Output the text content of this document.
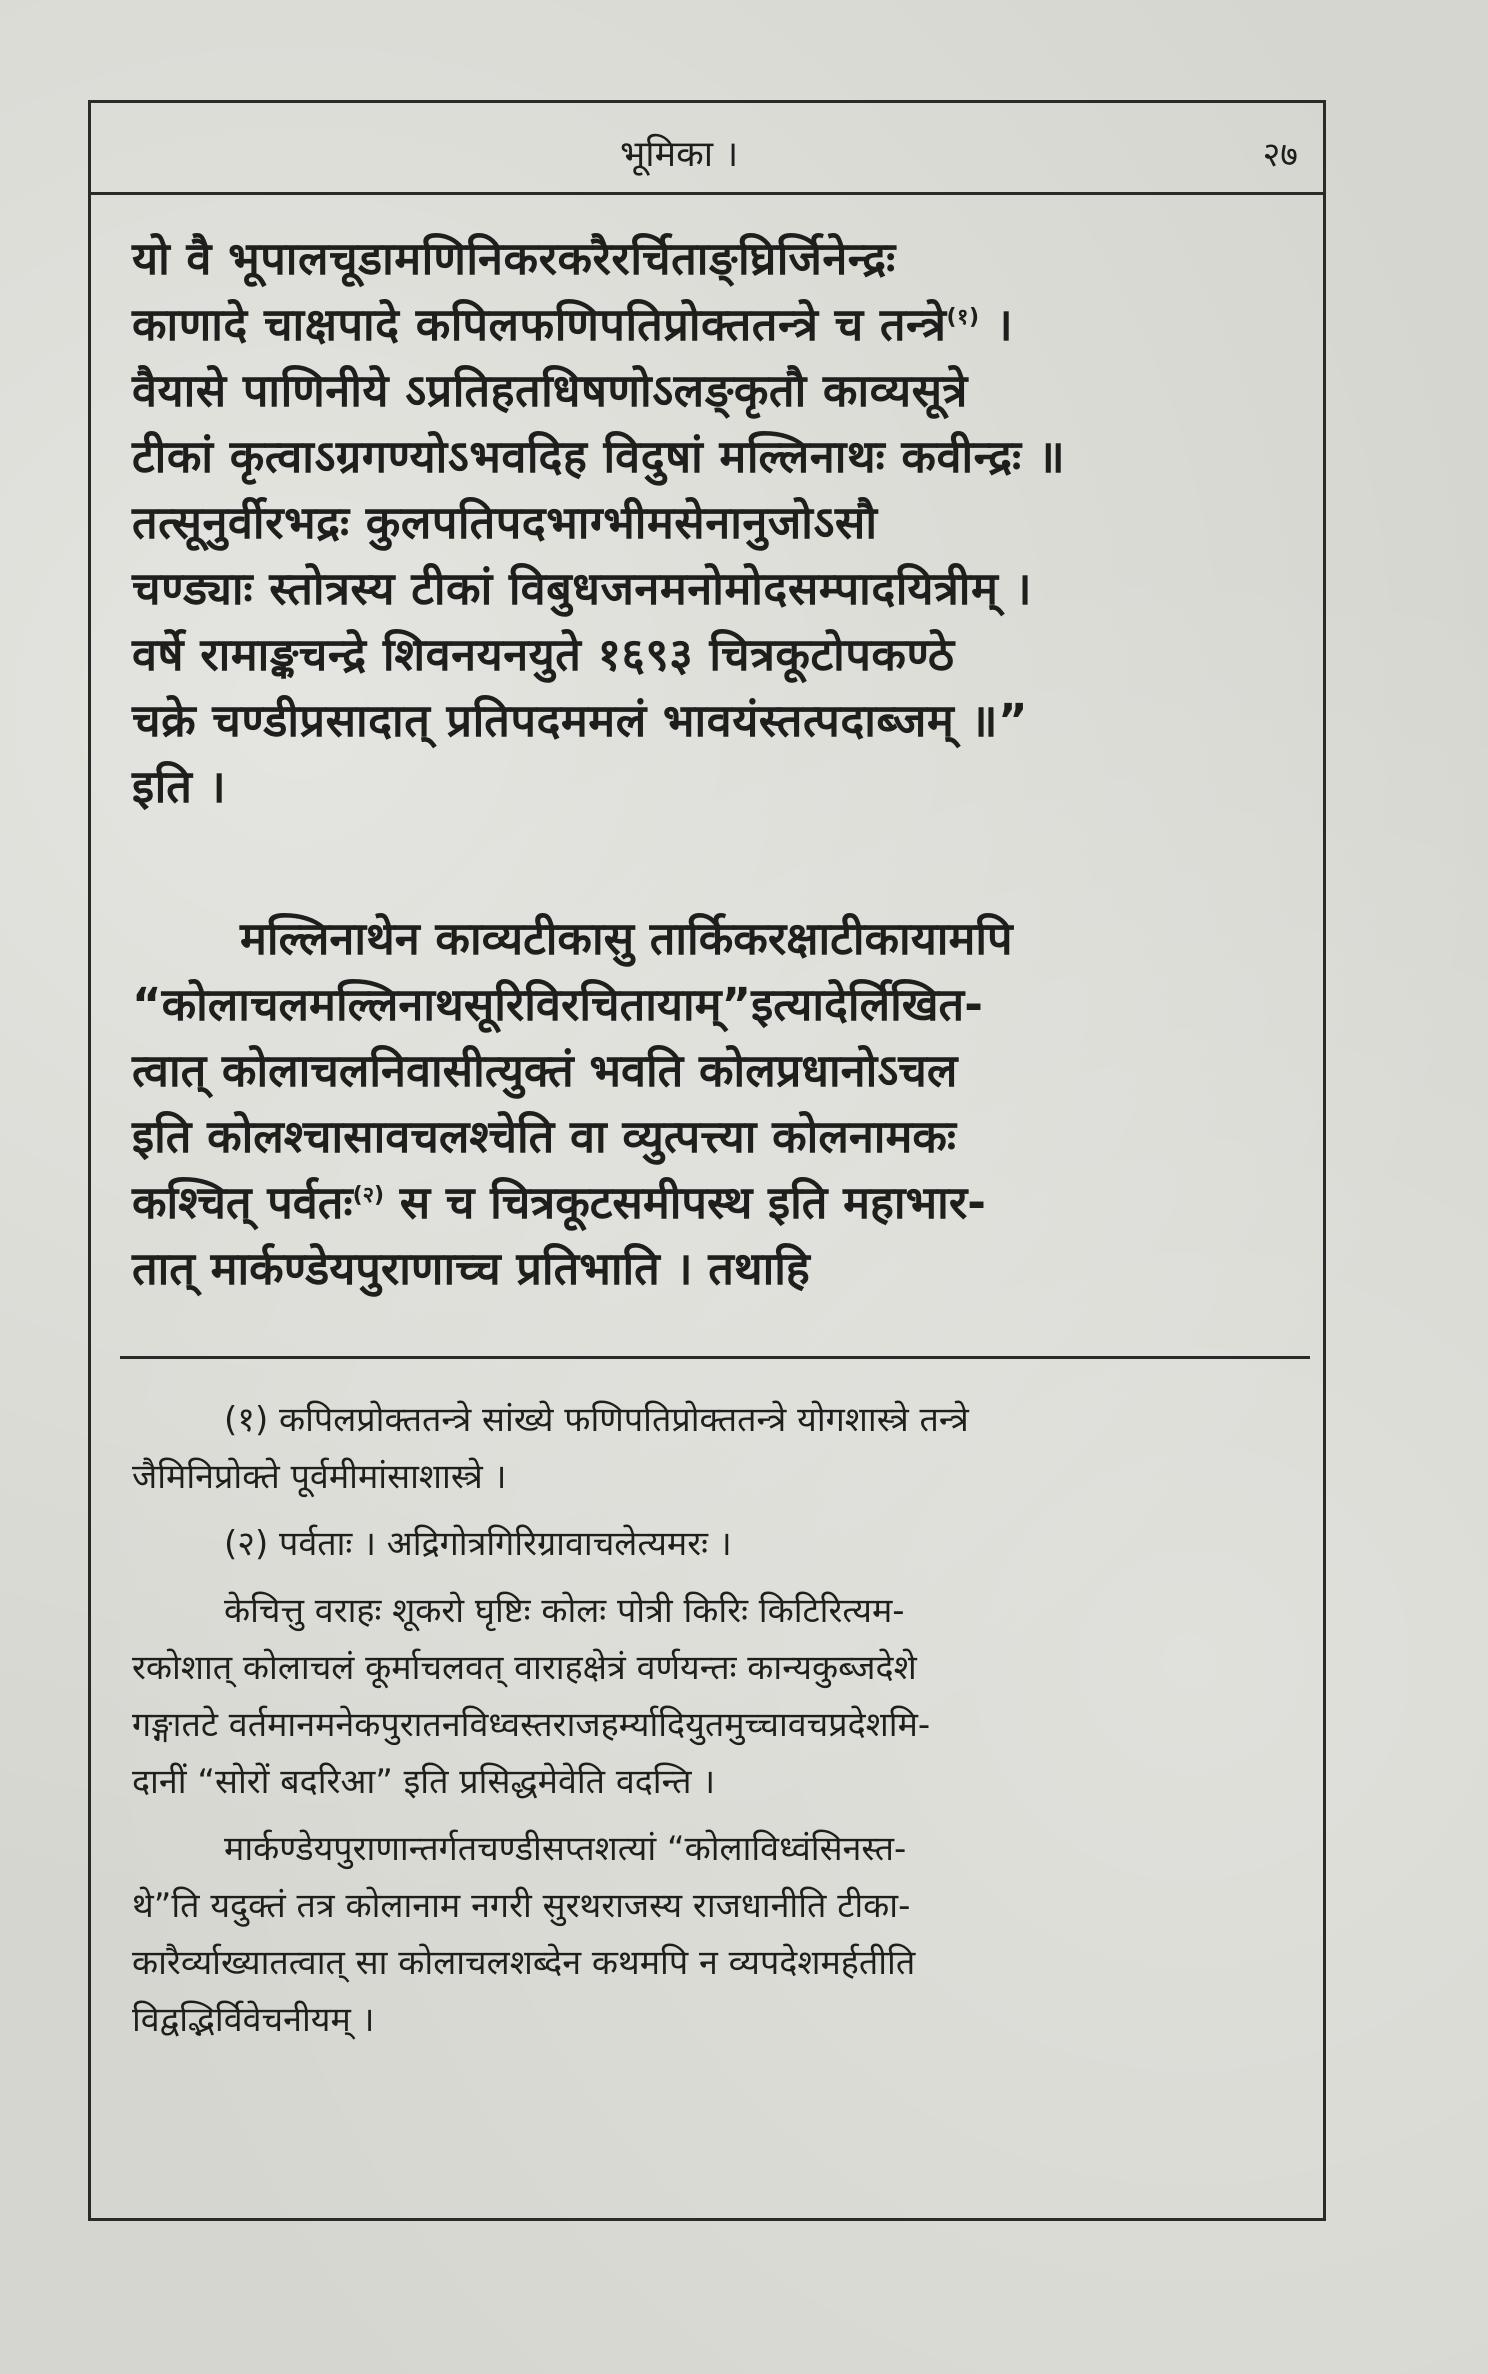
भूमिका ।	२७
यो वै भूपालचूडामणिनिकरकरैरर्चिताङ्घ्रिर्जिनेन्द्रः
काणादे चाक्षपादे कपिलफणिपतिप्रोक्ततन्त्रे च तन्त्रे$^{(१)}$ ।
वैयासे पाणिनीये ऽप्रतिहतधिषणोऽलङ्कृतौ काव्यसूत्रे
टीकां कृत्वाऽग्रगण्योऽभवदिह विदुषां मल्लिनाथः कवीन्द्रः ॥
तत्सूनुर्वीरभद्रः कुलपतिपदभाग्भीमसेनानुजोऽसौ
चण्ड्याः स्तोत्रस्य टीकां विबुधजनमनोमोदसम्पादयित्रीम् ।
वर्षे रामाङ्कचन्द्रे शिवनयनयुते १६९३ चित्रकूटोपकण्ठे
चक्रे चण्डीप्रसादात् प्रतिपदममलं भावयंस्तत्पदाब्जम् ॥”
इति ।
मल्लिनाथेन काव्यटीकासु तार्किकरक्षाटीकायामपि
“कोलाचलमल्लिनाथसूरिविरचितायाम्”इत्यादेर्लिखित-
त्वात् कोलाचलनिवासीत्युक्तं भवति कोलप्रधानोऽचल
इति कोलश्चासावचलश्चेति वा व्युत्पत्त्या कोलनामकः
कश्चित् पर्वतः$^{(२)}$ स च चित्रकूटसमीपस्थ इति महाभार-
तात् मार्कण्डेयपुराणाच्च प्रतिभाति । तथाहि
(१) कपिलप्रोक्ततन्त्रे सांख्ये फणिपतिप्रोक्ततन्त्रे योगशास्त्रे तन्त्रे
जैमिनिप्रोक्ते पूर्वमीमांसाशास्त्रे ।
(२) पर्वताः । अद्रिगोत्रगिरिग्रावाचलेत्यमरः ।
केचित्तु वराहः शूकरो घृष्टिः कोलः पोत्री किरिः किटिरित्यम-
रकोशात् कोलाचलं कूर्माचलवत् वाराहक्षेत्रं वर्णयन्तः कान्यकुब्जदेशे
गङ्गातटे वर्तमानमनेकपुरातनविध्वस्तराजहर्म्यादियुतमुच्चावचप्रदेशमि-
दानीं “सोरों बदरिआ” इति प्रसिद्धमेवेति वदन्ति ।
मार्कण्डेयपुराणान्तर्गतचण्डीसप्तशत्यां “कोलाविध्वंसिनस्त-
थे”ति यदुक्तं तत्र कोलानाम नगरी सुरथराजस्य राजधानीति टीका-
कारैर्व्याख्यातत्वात् सा कोलाचलशब्देन कथमपि न व्यपदेशमर्हतीति
विद्वद्भिर्विवेचनीयम् ।
